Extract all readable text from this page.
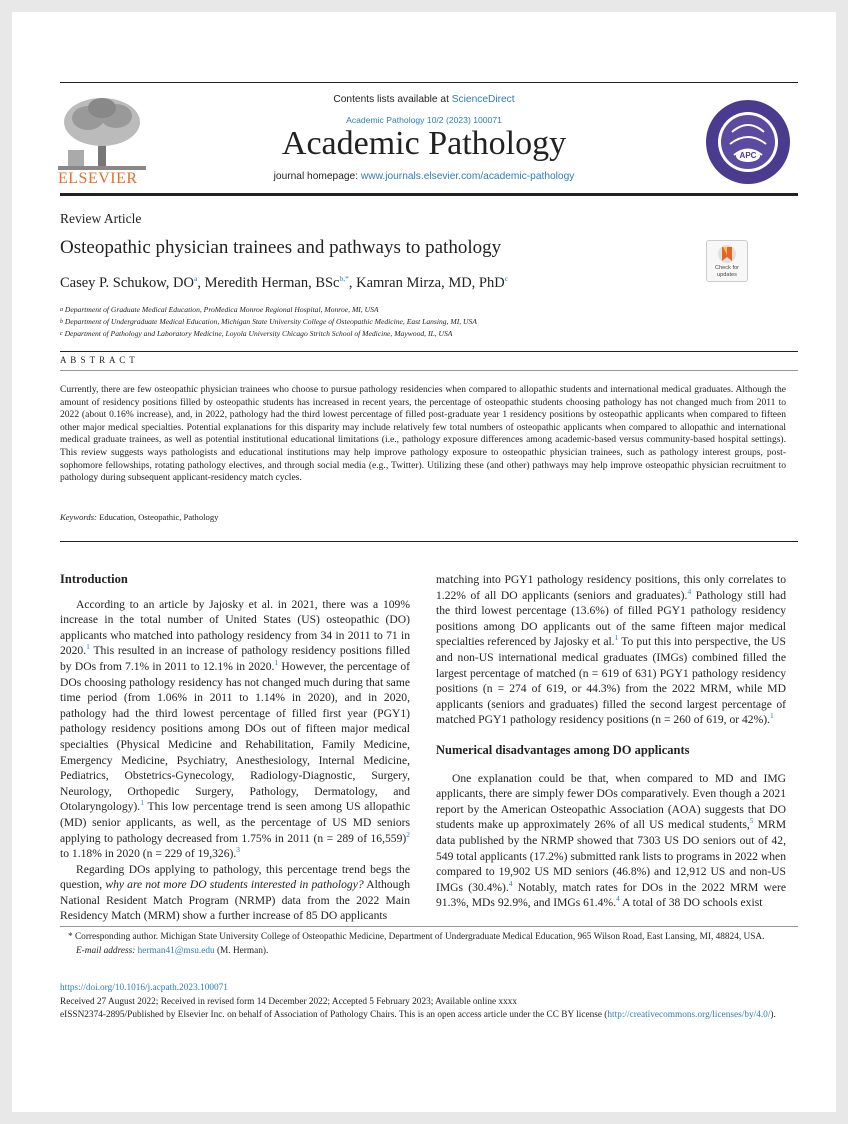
ELSEVIER
Contents lists available at ScienceDirect
Academic Pathology 10/2 (2023) 100071
Academic Pathology
journal homepage: www.journals.elsevier.com/academic-pathology
APC
Review Article
Osteopathic physician trainees and pathways to pathology
Check for updates
Casey P. Schukow, $DO^a$, Meredith Herman, BSc$^{b,*}$, Kamran Mirza, MD, PhD$^c$
$^a$ Department of Graduate Medical Education, ProMedica Monroe Regional Hospital, Monroe, MI, USA
$^b$ Department of Undergraduate Medical Education, Michigan State University College of Osteopathic Medicine, East Lansing, MI, USA
$^c$ Department of Pathology and Laboratory Medicine, Loyola University Chicago Stritch School of Medicine, Maywood, IL, USA
A B S T R A C T
Currently, there are few osteopathic physician trainees who choose to pursue pathology residencies when compared to allopathic students and international medical graduates. Although the amount of residency positions filled by osteopathic students has increased in recent years, the percentage of osteopathic students choosing pathology has not changed much from 2011 to 2022 (about 0.16% increase), and, in 2022, pathology had the third lowest percentage of filled post-graduate year 1 residency positions by osteopathic applicants when compared to fifteen other major medical specialties. Potential explanations for this disparity may include relatively few total numbers of osteopathic applicants when compared to allopathic and international medical graduate trainees, as well as potential institutional educational limitations (i.e., pathology exposure differences among academic-based versus community-based hospital settings). This review suggests ways pathologists and educational institutions may help improve pathology exposure to osteopathic physician trainees, such as pathology interest groups, post-sophomore fellowships, rotating pathology electives, and through social media (e.g., Twitter). Utilizing these (and other) pathways may help improve osteopathic physician recruitment to pathology during subsequent applicant-residency match cycles.
Keywords: Education, Osteopathic, Pathology
Introduction

According to an article by Jajosky et al. in 2021, there was a 109% increase in the total number of United States (US) osteopathic (DO) applicants who matched into pathology residency from 34 in 2011 to 71 in 2020.$^1$ This resulted in an increase of pathology residency positions filled by DOs from 7.1% in 2011 to 12.1% in 2020.$^1$ However, the percentage of DOs choosing pathology residency has not changed much during that same time period (from 1.06% in 2011 to 1.14% in 2020), and in 2020, pathology had the third lowest percentage of filled first year (PGY1) pathology residency positions among DOs out of fifteen major medical specialties (Physical Medicine and Rehabilitation, Family Medicine, Emergency Medicine, Psychiatry, Anesthesiology, Internal Medicine, Pediatrics, Obstetrics-Gynecology, Radiology-Diagnostic, Surgery, Neurology, Orthopedic Surgery, Pathology, Dermatology, and Otolaryngology).$^1$ This low percentage trend is seen among US allopathic (MD) senior applicants, as well, as the percentage of US MD seniors applying to pathology decreased from 1.75% in 2011 (n = 289 of 16,559)$^2$ to 1.18% in 2020 (n = 229 of 19,326).$^3$

Regarding DOs applying to pathology, this percentage trend begs the question, why are not more DO students interested in pathology? Although National Resident Match Program (NRMP) data from the 2022 Main Residency Match (MRM) show a further increase of 85 DO applicants

matching into PGY1 pathology residency positions, this only correlates to 1.22% of all DO applicants (seniors and graduates).$^4$ Pathology still had the third lowest percentage (13.6%) of filled PGY1 pathology residency positions among DO applicants out of the same fifteen major medical specialties referenced by Jajosky et al.$^1$ To put this into perspective, the US and non-US international medical graduates (IMGs) combined filled the largest percentage of matched (n = 619 of 631) PGY1 pathology residency positions (n = 274 of 619, or 44.3%) from the 2022 MRM, while MD applicants (seniors and graduates) filled the second largest percentage of matched PGY1 pathology residency positions (n = 260 of 619, or 42%).$^1$

Numerical disadvantages among DO applicants

One explanation could be that, when compared to MD and IMG applicants, there are simply fewer DOs comparatively. Even though a 2021 report by the American Osteopathic Association (AOA) suggests that DO students make up approximately 26% of all US medical students,$^5$ MRM data published by the NRMP showed that 7303 US DO seniors out of 42, 549 total applicants (17.2%) submitted rank lists to programs in 2022 when compared to 19,902 US MD seniors (46.8%) and 12,912 US and non-US IMGs (30.4%).$^4$ Notably, match rates for DOs in the 2022 MRM were 91.3%, MDs 92.9%, and IMGs 61.4%.$^4$ A total of 38 DO schools exist

* Corresponding author. Michigan State University College of Osteopathic Medicine, Department of Undergraduate Medical Education, 965 Wilson Road, East Lansing, MI, 48824, USA.
E-mail address: herman41@msu.edu (M. Herman).
https://doi.org/10.1016/j.acpath.2023.100071
Received 27 August 2022; Received in revised form 14 December 2022; Accepted 5 February 2023; Available online xxxx
eISSN2374-2895/Published by Elsevier Inc. on behalf of Association of Pathology Chairs. This is an open access article under the CC BY license (http://creativecommons.org/licenses/by/4.0/).
